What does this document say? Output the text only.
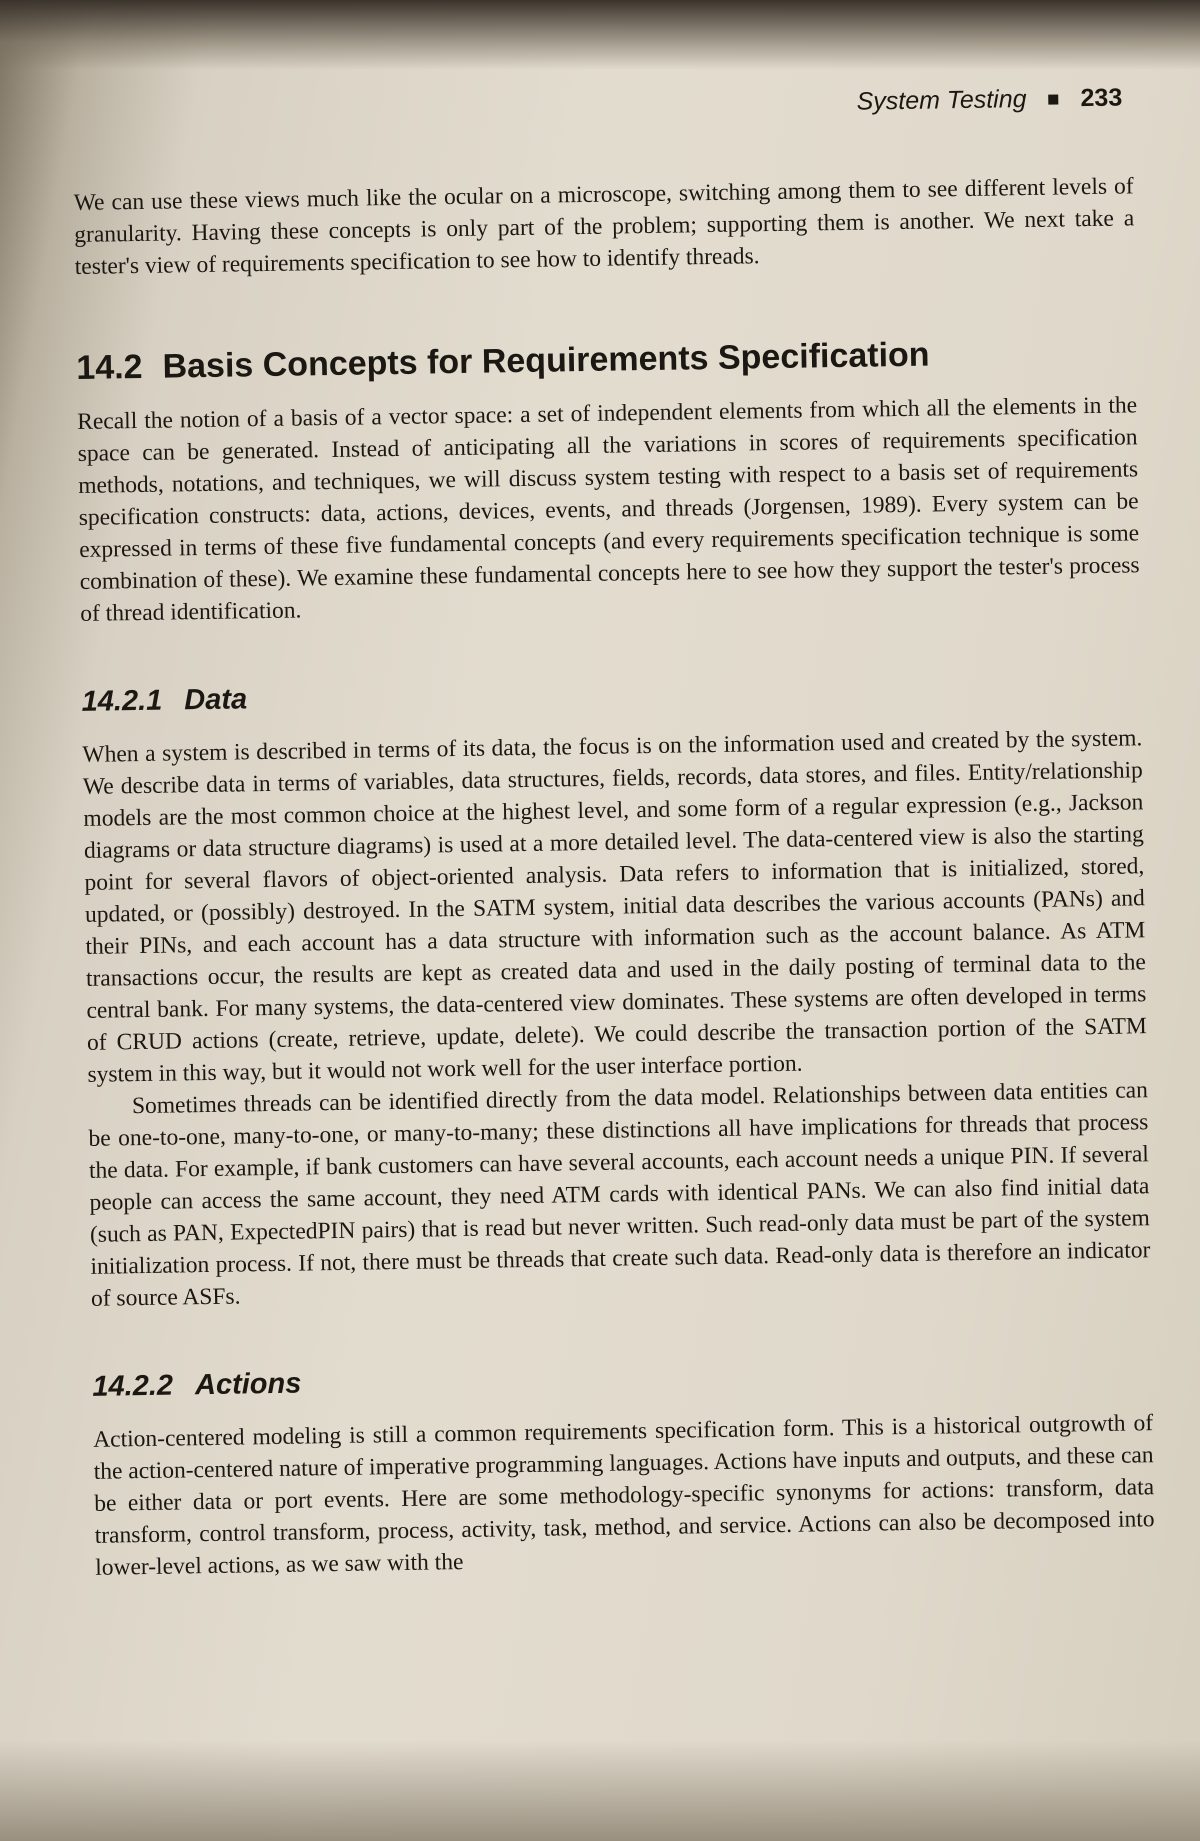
System Testing 233

We can use these views much like the ocular on a microscope, switching among them to see different levels of granularity. Having these concepts is only part of the problem; supporting them is another. We next take a tester's view of requirements specification to see how to identify threads.

14.2 Basis Concepts for Requirements Specification

Recall the notion of a basis of a vector space: a set of independent elements from which all the elements in the space can be generated. Instead of anticipating all the variations in scores of requirements specification methods, notations, and techniques, we will discuss system testing with respect to a basis set of requirements specification constructs: data, actions, devices, events, and threads (Jorgensen, 1989). Every system can be expressed in terms of these five fundamental concepts (and every requirements specification technique is some combination of these). We examine these fundamental concepts here to see how they support the tester's process of thread identification.

14.2.1 Data

When a system is described in terms of its data, the focus is on the information used and created by the system. We describe data in terms of variables, data structures, fields, records, data stores, and files. Entity/relationship models are the most common choice at the highest level, and some form of a regular expression (e.g., Jackson diagrams or data structure diagrams) is used at a more detailed level. The data-centered view is also the starting point for several flavors of object-oriented analysis. Data refers to information that is initialized, stored, updated, or (possibly) destroyed. In the SATM system, initial data describes the various accounts (PANs) and their PINs, and each account has a data structure with information such as the account balance. As ATM transactions occur, the results are kept as created data and used in the daily posting of terminal data to the central bank. For many systems, the data-centered view dominates. These systems are often developed in terms of CRUD actions (create, retrieve, update, delete). We could describe the transaction portion of the SATM system in this way, but it would not work well for the user interface portion.

Sometimes threads can be identified directly from the data model. Relationships between data entities can be one-to-one, many-to-one, or many-to-many; these distinctions all have implications for threads that process the data. For example, if bank customers can have several accounts, each account needs a unique PIN. If several people can access the same account, they need ATM cards with identical PANs. We can also find initial data (such as PAN, ExpectedPIN pairs) that is read but never written. Such read-only data must be part of the system initialization process. If not, there must be threads that create such data. Read-only data is therefore an indicator of source ASFs.

14.2.2 Actions

Action-centered modeling is still a common requirements specification form. This is a historical outgrowth of the action-centered nature of imperative programming languages. Actions have inputs and outputs, and these can be either data or port events. Here are some methodology-specific synonyms for actions: transform, data transform, control transform, process, activity, task, method, and service. Actions can also be decomposed into lower-level actions, as we saw with the
